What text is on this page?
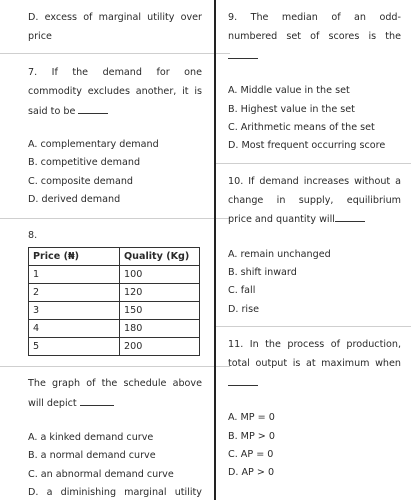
D. excess of marginal utility over
price
7. If the demand for one
commodity excludes another, it is
said to be
A. complementary demand
B. competitive demand
C. composite demand
D. derived demand
8.
Price (₦)	Quality (Kg)
1	100
2	120
3	150
4	180
5	200
The graph of the schedule above
will depict
A. a kinked demand curve
B. a normal demand curve
C. an abnormal demand curve
D. a diminishing marginal utility
9. The median of an odd-
numbered set of scores is the
A. Middle value in the set
B. Highest value in the set
C. Arithmetic means of the set
D. Most frequent occurring score
10. If demand increases without a
change in supply, equilibrium
price and quantity will
A. remain unchanged
B. shift inward
C. fall
D. rise
11. In the process of production,
total output is at maximum when
A. MP = 0
B. MP > 0
C. AP = 0
D. AP > 0
